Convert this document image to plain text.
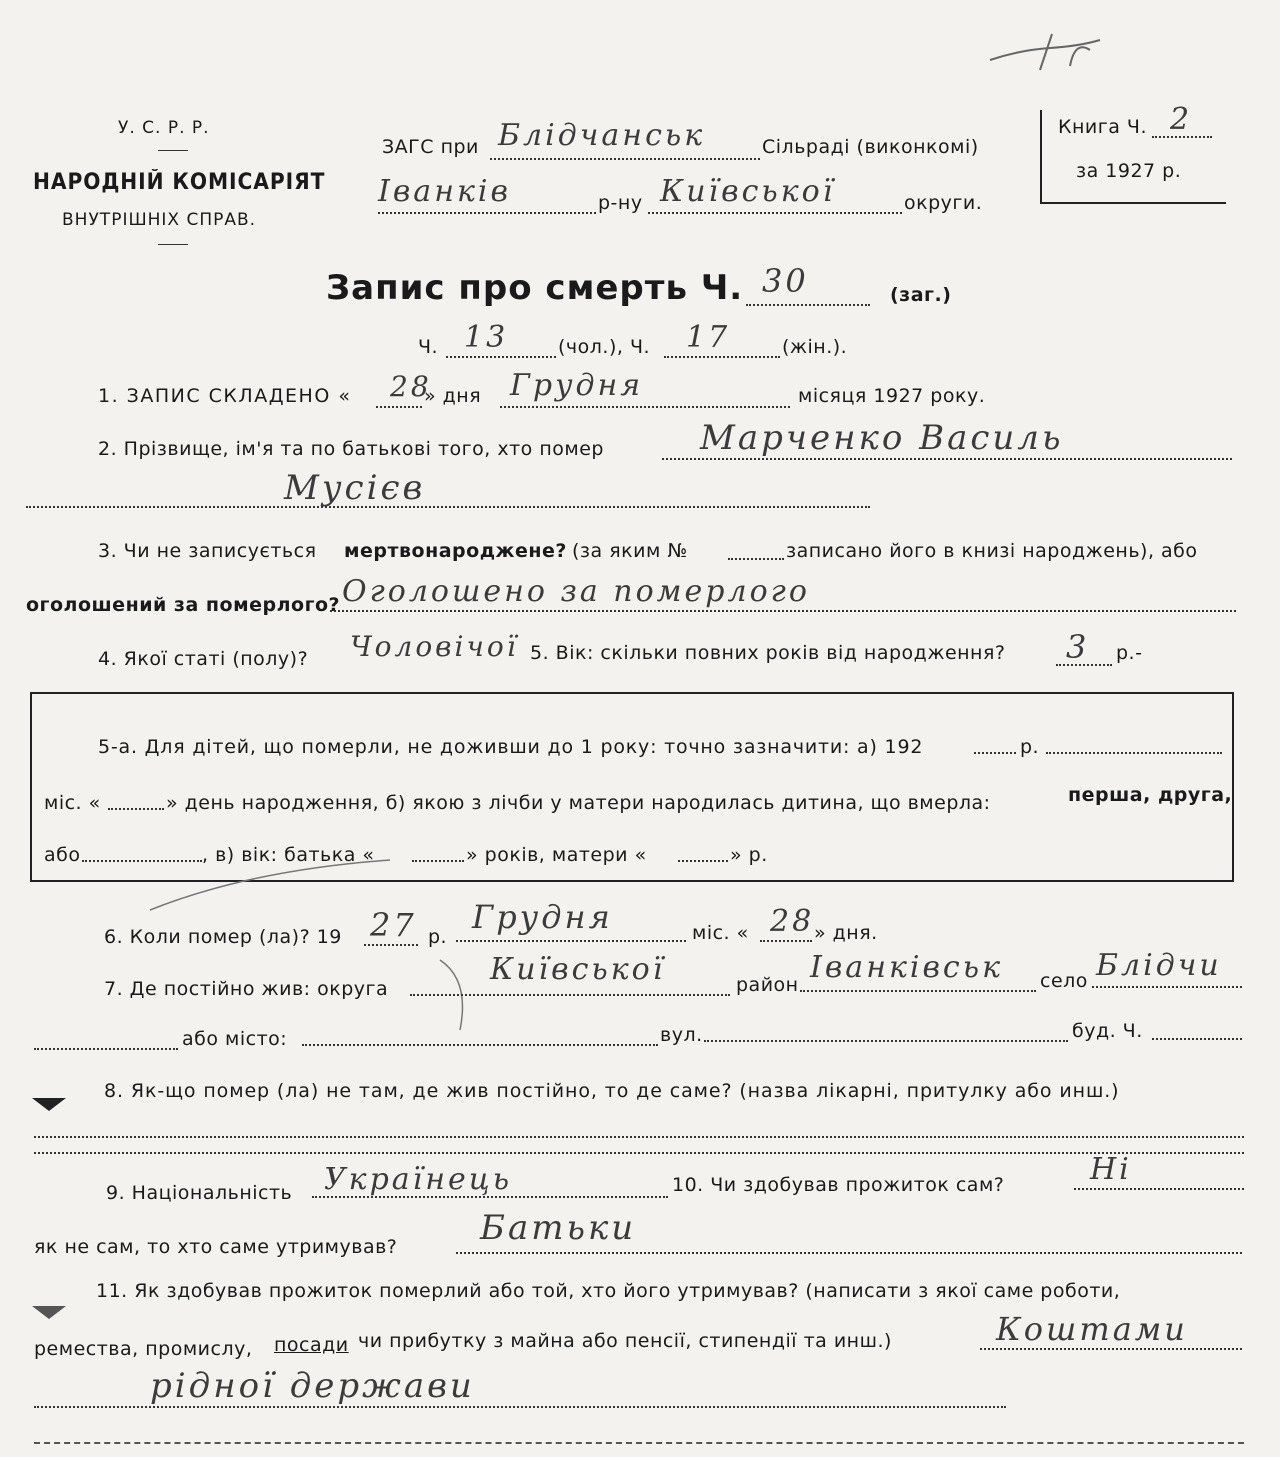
У. С. Р. Р.
НАРОДНІЙ КОМІСАРІЯТ
ВНУТРІШНІХ СПРАВ.
ЗАГС при Блідчанськ	Сільраді (виконкомі)
Іванків	р-ну Київської	округи.
Книга Ч. 2
за 1927 р.
Запис про смерть Ч. 30	(заг.)
Ч. 13	(чол.), Ч. 17	(жін.).
1. ЗАПИС СКЛАДЕНО « 28
» дня Грудня	місяця 1927 року.
2. Прізвище, ім'я та по батькові того, хто помер	Марченко Василь
Мусієв
3. Чи не записується мертвонароджене? (за яким №	записано його в книзі народжень), або
оголошений за померлого? Оголошено за померлого
4. Якої статі (полу)? Чоловічої 5. Вік: скільки повних років від народження? 3 р.-
5-а. Для дітей, що померли, не доживши до 1 року: точно зазначити: а) 192	р.
міс. «	» день народження, б) якою з лічби у матери народилась дитина, що вмерла:	перша, друга,
або	, в) вік: батька «	» років, матери «	» р.
6. Коли помер (ла)? 19 27 р.
Грудня	міс. « 28 » дня.
7. Де постійно жив: округа
Київської	район Іванківськ село Блідчи
або місто:	вул.	буд. Ч.
8. Як-що помер (ла) не там, де жив постійно, то де саме? (назва лікарні, притулку або инш.)
9. Національність Українець	10. Чи здобував прожиток сам?	Ні
як не сам, то хто саме утримував? Батьки
11. Як здобував прожиток померлий або той, хто його утримував? (написати з якої саме роботи,
ремества, промислу, посади чи прибутку з майна або пенсії, стипендії та инш.)	Коштами
рідної держави
